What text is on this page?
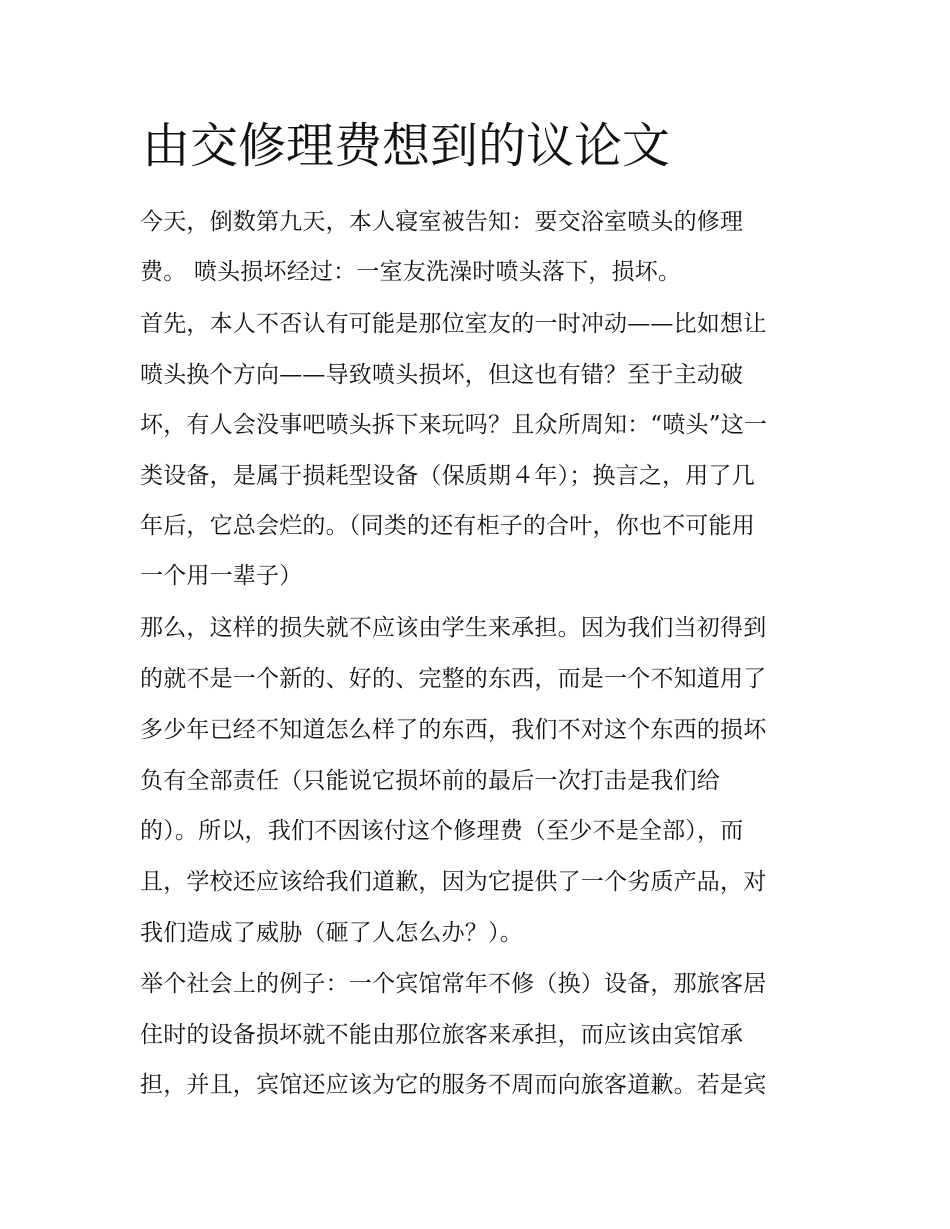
由交修理费想到的议论文
今天，倒数第九天，本人寝室被告知：要交浴室喷头的修理
费。 喷头损坏经过：一室友洗澡时喷头落下，损坏。
首先，本人不否认有可能是那位室友的一时冲动——比如想让
喷头换个方向——导致喷头损坏，但这也有错？至于主动破
坏，有人会没事吧喷头拆下来玩吗？且众所周知：“喷头”这一
类设备，是属于损耗型设备（保质期４年）；换言之，用了几
年后，它总会烂的。（同类的还有柜子的合叶，你也不可能用
一个用一辈子）
那么，这样的损失就不应该由学生来承担。因为我们当初得到
的就不是一个新的、好的、完整的东西，而是一个不知道用了
多少年已经不知道怎么样了的东西，我们不对这个东西的损坏
负有全部责任（只能说它损坏前的最后一次打击是我们给
的）。所以，我们不因该付这个修理费（至少不是全部），而
且，学校还应该给我们道歉，因为它提供了一个劣质产品，对
我们造成了威胁（砸了人怎么办？）。
举个社会上的例子：一个宾馆常年不修（换）设备，那旅客居
住时的设备损坏就不能由那位旅客来承担，而应该由宾馆承
担，并且，宾馆还应该为它的服务不周而向旅客道歉。若是宾
